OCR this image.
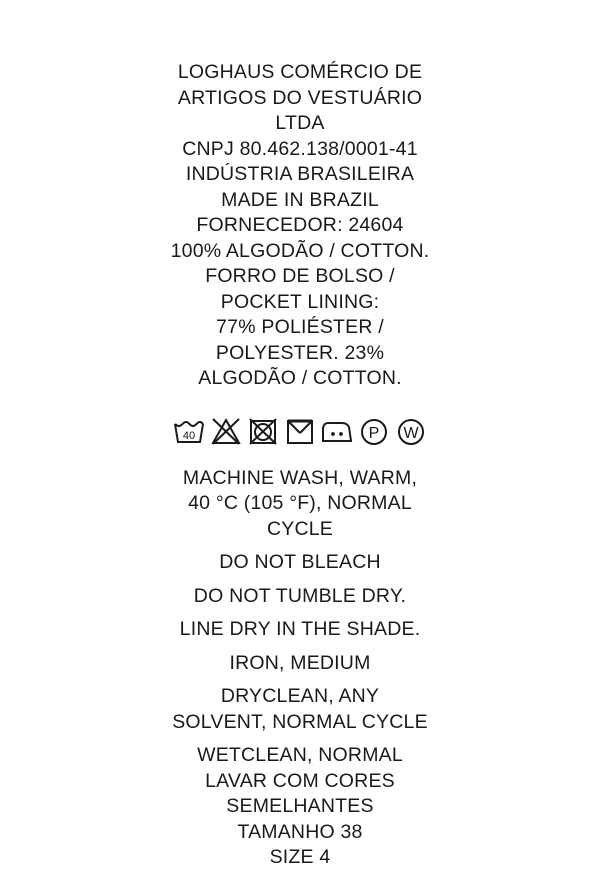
LOGHAUS COMÉRCIO DE
ARTIGOS DO VESTUÁRIO
LTDA
CNPJ 80.462.138/0001-41
INDÚSTRIA BRASILEIRA
MADE IN BRAZIL
FORNECEDOR: 24604
100% ALGODÃO / COTTON.
FORRO DE BOLSO /
POCKET LINING:
77% POLIÉSTER /
POLYESTER. 23%
ALGODÃO / COTTON.
40	P W
MACHINE WASH, WARM,
40 °C (105 °F), NORMAL
CYCLE
DO NOT BLEACH
DO NOT TUMBLE DRY.
LINE DRY IN THE SHADE.
IRON, MEDIUM
DRYCLEAN, ANY
SOLVENT, NORMAL CYCLE
WETCLEAN, NORMAL
LAVAR COM CORES
SEMELHANTES
TAMANHO 38
SIZE 4
